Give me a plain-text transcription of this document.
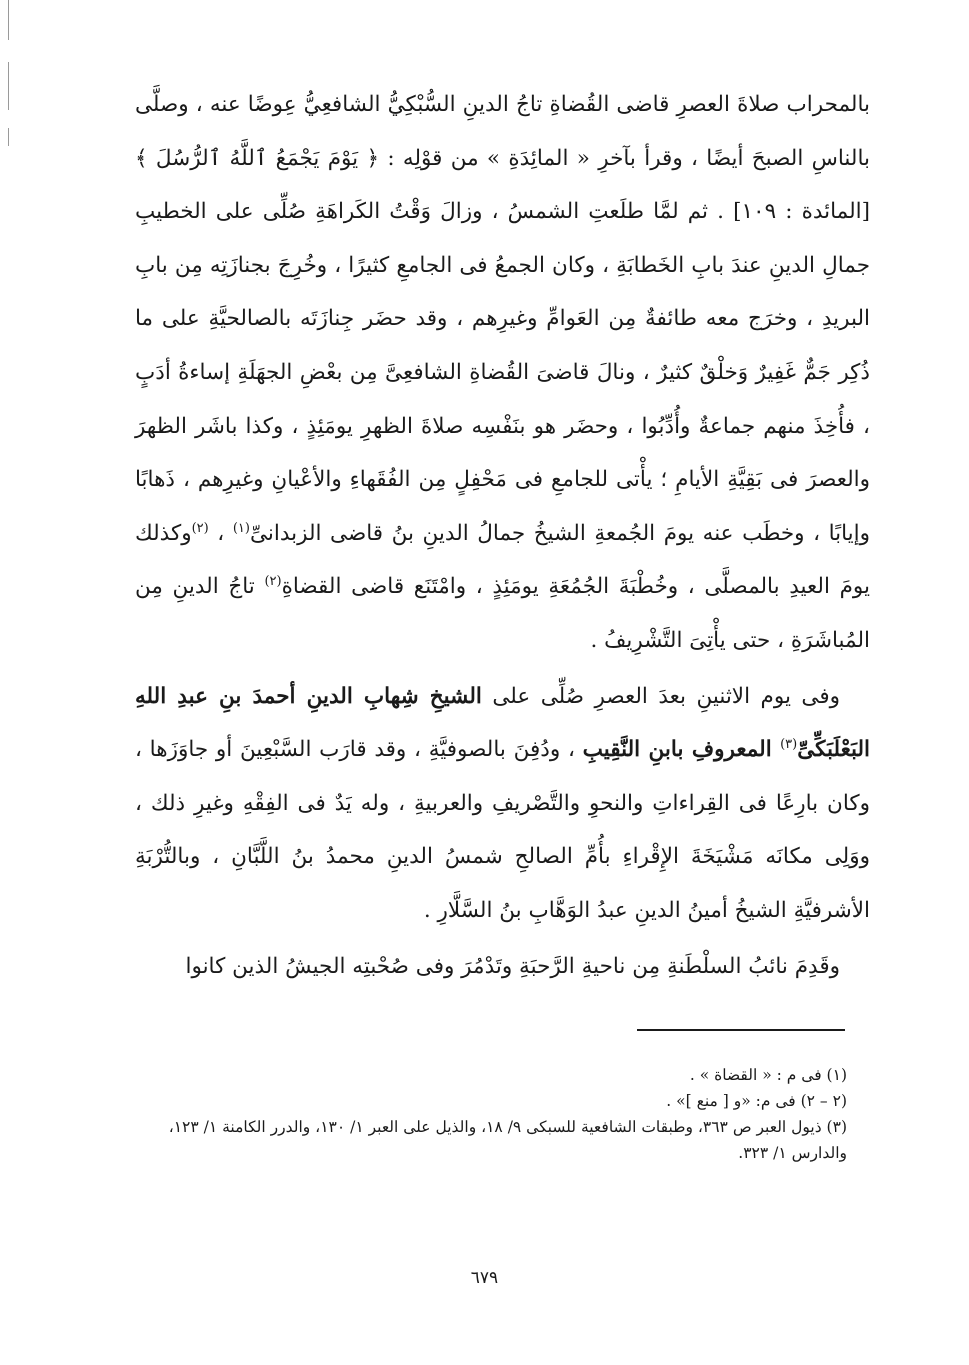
بالمحراب صلاةَ العصرِ قاضى القُضاةِ تاجُ الدينِ السُّبْكِيُّ الشافعِيُّ عِوضًا عنه ، وصلَّى بالناسِ الصبحَ أيضًا ، وقرأ بآخرِ « المائِدَةِ » من قوْلِه : ﴿ يَوْمَ يَجْمَعُ ٱللَّهُ ٱلرُّسُلَ ﴾ [المائدة : ١٠٩] . ثم لمَّا طلَعتِ الشمسُ ، وزالَ وَقْتُ الكَراهَةِ صُلِّى على الخطيبِ جمالِ الدينِ عندَ بابِ الخَطابَةِ ، وكان الجمعُ فى الجامعِ كثيرًا ، وخُرِجَ بجنازَتِه مِن بابِ البريدِ ، وخرَج معه طائفةٌ مِن العَوامِّ وغيرِهم ، وقد حضَر جِنازَتَه بالصالحيَّةِ على ما ذُكِر جَمٌّ غَفِيرٌ وَخلْقٌ كثيرٌ ، ونالَ قاضىَ القُضاةِ الشافعِىَّ مِن بعْضِ الجهَلَةِ إساءةُ أدَبٍ ، فأُخِذَ منهم جماعةٌ وأُدِّبُوا ، وحضَر هو بنَفْسِه صلاةَ الظهرِ يومَئِذٍ ، وكذا باشَر الظهرَ والعصرَ فى بَقِيَّةِ الأيامِ ؛ يأْتى للجامعِ فى مَحْفِلٍ مِن الفُقَهاءِ والأعْيانِ وغيرِهم ، ذَهابًا وإيابًا ، وخطَب عنه يومَ الجُمعةِ الشيخُ جمالُ الدينِ بنُ قاضى الزبدانىِّ$^{(١)}$ ، $^{(٢)}$وكذلك يومَ العيدِ بالمصلَّى ، وخُطْبَةَ الجُمُعَةِ يومَئِذٍ ، وامْتَنَع قاضى القضاةِ$^{(٢)}$ تاجُ الدينِ مِن المُباشَرَةِ ، حتى يأْتِىَ التَّشْرِيفُ .

وفى يوم الاثنينِ بعدَ العصرِ صُلِّى على الشيخِ شِهابِ الدينِ أحمدَ بنِ عبدِ اللهِ البَعْلَبَكِّىِّ$^{(٣)}$ المعروفِ بابنِ النَّقِيبِ ، ودُفِنَ بالصوفيَّةِ ، وقد قارَب السَّبْعِينَ أو جاوَزَها ، وكان بارِعًا فى القِراءاتِ والنحوِ والتَّصْريفِ والعربيةِ ، وله يَدٌ فى الفِقْهِ وغيرِ ذلك ، ووَلِى مكانَه مَشْيَخَةَ الإِقْراءِ بأُمِّ الصالحِ شمسُ الدينِ محمدُ بنُ اللَّبَّانِ ، وبالتُّرْبَةِ الأشرفيَّةِ الشيخُ أمينُ الدينِ عبدُ الوَهَّابِ بنُ السَّلَّارِ .

وقَدِمَ نائبُ السلْطَنةِ مِن ناحيةِ الرَّحبَةِ وتَدْمُرَ وفى صُحْبتِه الجيشُ الذين كانوا

(١) فى م : « القضاة » .

(٢ – ٢) فى م: «و [ منع ]» .

(٣) ذيول العبر ص ٣٦٣، وطبقات الشافعية للسبكى ٩/ ١٨، والذيل على العبر ١/ ١٣٠، والدرر الكامنة ١/ ١٢٣، والدارس ١/ ٣٢٣.

٦٧٩
